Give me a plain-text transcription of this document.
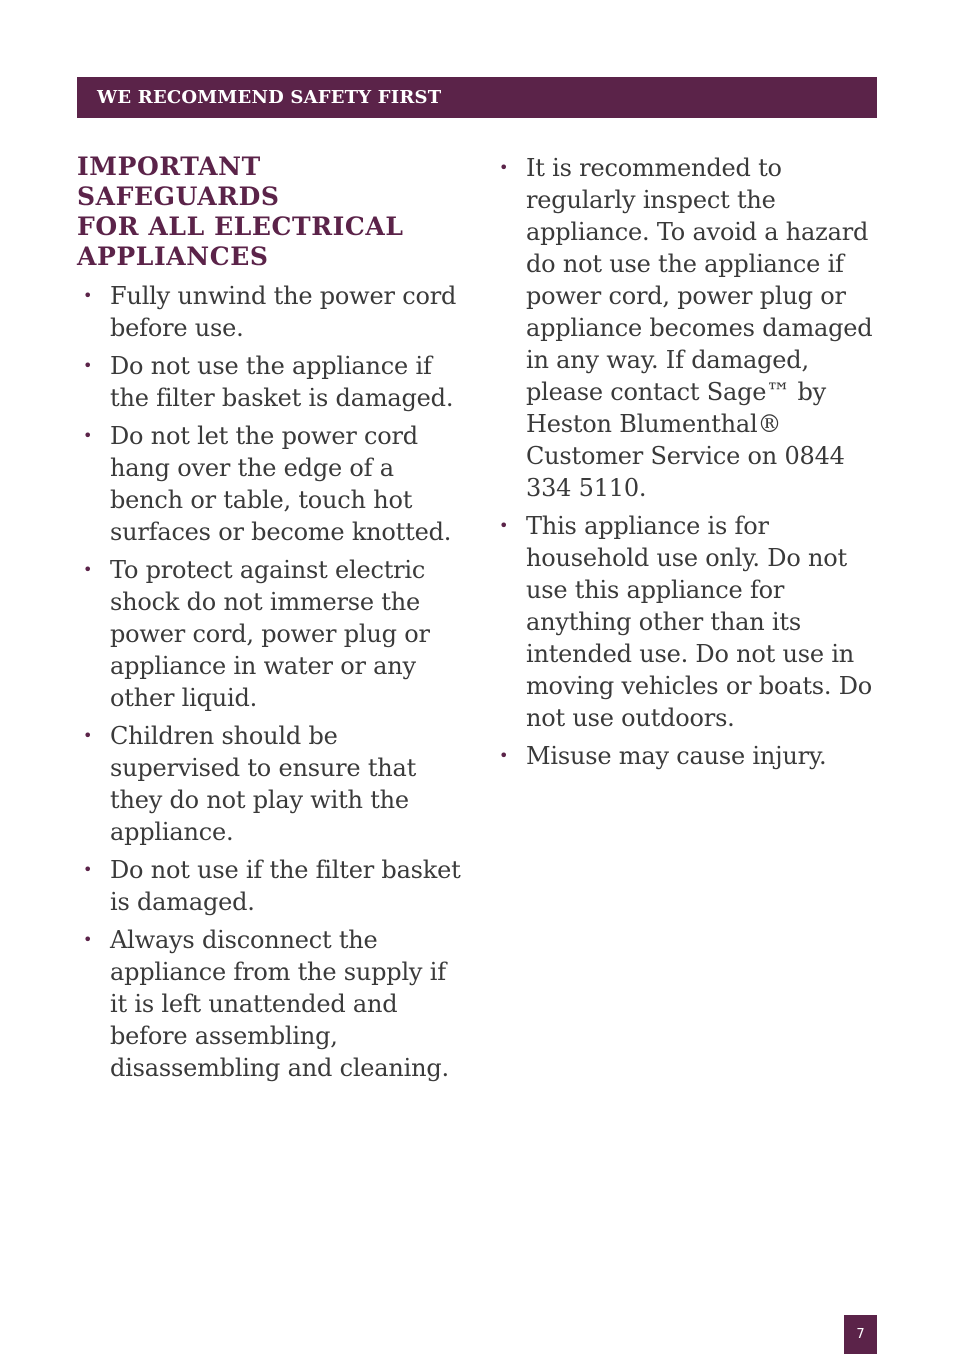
WE RECOMMEND SAFETY FIRST
IMPORTANT SAFEGUARDS
FOR ALL ELECTRICAL
APPLIANCES
• Fully unwind the power cord before use.
• Do not use the appliance if the filter basket is damaged.
• Do not let the power cord hang over the edge of a bench or table, touch hot surfaces or become knotted.
• To protect against electric shock do not immerse the power cord, power plug or appliance in water or any other liquid.
• Children should be supervised to ensure that they do not play with the appliance.
• Do not use if the filter basket is damaged.
• Always disconnect the appliance from the supply if it is left unattended and before assembling, disassembling and cleaning.
• It is recommended to regularly inspect the appliance. To avoid a hazard do not use the appliance if power cord, power plug or appliance becomes damaged in any way. If damaged, please contact Sage™ by Heston Blumenthal® Customer Service on 0844 334 5110.
• This appliance is for household use only. Do not use this appliance for anything other than its intended use. Do not use in moving vehicles or boats. Do not use outdoors.
• Misuse may cause injury.
7
